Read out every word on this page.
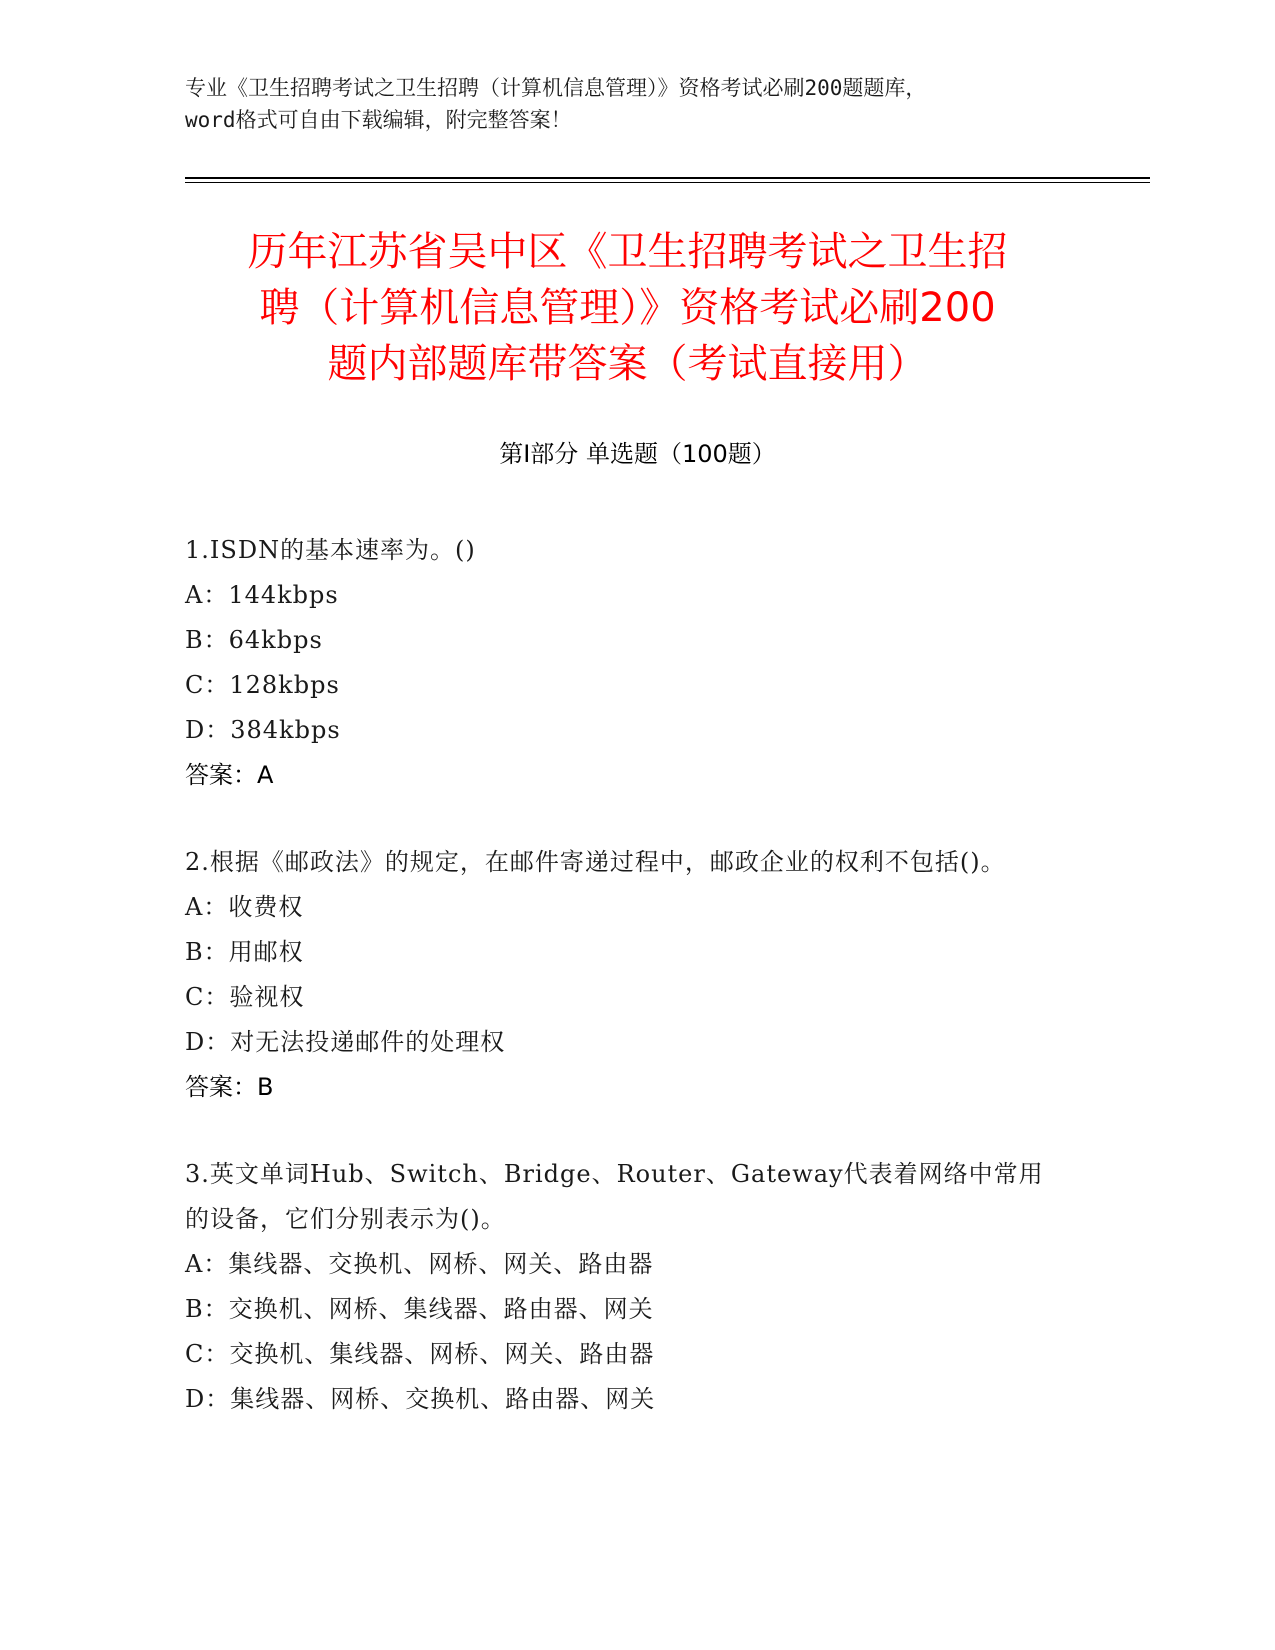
专业《卫生招聘考试之卫生招聘（计算机信息管理）》资格考试必刷200题题库，
word格式可自由下载编辑，附完整答案！
历年江苏省吴中区《卫生招聘考试之卫生招
聘（计算机信息管理）》资格考试必刷200
题内部题库带答案（考试直接用）
第Ⅰ部分 单选题（100题）
1.ISDN的基本速率为。()
A：144kbps
B：64kbps
C：128kbps
D：384kbps
答案：A
2.根据《邮政法》的规定，在邮件寄递过程中，邮政企业的权利不包括()。
A：收费权
B：用邮权
C：验视权
D：对无法投递邮件的处理权
答案：B
3.英文单词Hub、Switch、Bridge、Router、Gateway代表着网络中常用的设备，它们分别表示为()。
A：集线器、交换机、网桥、网关、路由器
B：交换机、网桥、集线器、路由器、网关
C：交换机、集线器、网桥、网关、路由器
D：集线器、网桥、交换机、路由器、网关
